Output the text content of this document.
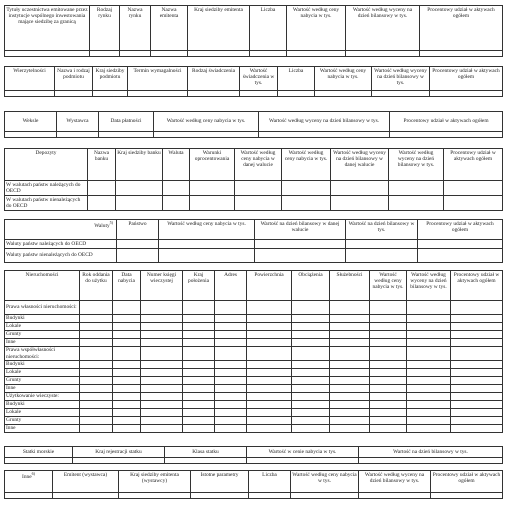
Tytuły uczestnictwa emitowane przez instytucje wspólnego inwestowania mające siedzibę za granicą	Rodzaj rynku	Nazwa rynku	Nazwa emitenta	Kraj siedziby emitenta	Liczba	Wartość według ceny nabycia w tys.	Wartość według wyceny na dzień bilansowy w tys.	Procentowy udział w aktywach ogółem

Wierzytelności	Nazwa i rodzaj podmiotu	Kraj siedziby podmiotu	Termin wymagalności	Rodzaj świadczenia	Wartość świadczenia w tys.	Liczba	Wartość według ceny nabycia w tys.	Wartość według wyceny na dzień bilansowy w tys.	Procentowy udział w aktywach ogółem

Weksle	Wystawca	Data płatności	Wartość według ceny nabycia w tys.	Wartość według wyceny na dzień bilansowy w tys.	Procentowy udział w aktywach ogółem

Depozyty	Nazwa banku	Kraj siedziby banku	Waluta	Warunki oprocentowania	Wartość według ceny nabycia w danej walucie	Wartość według ceny nabycia w tys.	Wartość według wyceny na dzień bilansowy w danej walucie	Wartość według wyceny na dzień bilansowy w tys.	Procentowy udział w aktywach ogółem
W walutach państw należących do OECD									
W walutach państw nienależących do OECD									
Waluty$^{5)}$	Państwo	Wartość według ceny nabycia w tys.	Wartość na dzień bilansowy w danej walucie	Wartość na dzień bilansowy w tys.	Procentowy udział w aktywach ogółem
Waluty państw należących do OECD					
Waluty państw nienależących do OECD					
Nieruchomości	Rok oddania do użytku	Data nabycia	Numer księgi wieczystej	Kraj położenia	Adres	Powierzchnia	Obciążenia	Służebności	Wartość według ceny nabycia w tys.	Wartość według wyceny na dzień bilansowy w tys.	Procentowy udział w aktywach ogółem
Prawa własności nieruchomości:											
Budynki											
Lokale											
Grunty											
Inne											
Prawa współwłasności nieruchomości:											
Budynki											
Lokale											
Grunty											
Inne											
Użytkowanie wieczyste:											
Budynki											
Lokale											
Grunty											
Inne											
Statki morskie	Kraj rejestracji statku	Klasa statku	Wartość w cenie nabycia w tys.	Wartość na dzień bilansowy w tys.

Inne$^{6)}$	Emitent (wystawca)	Kraj siedziby emitenta (wystawcy)	Istotne parametry	Liczba	Wartość według ceny nabycia w tys.	Wartość według wyceny na dzień bilansowy w tys.	Procentowy udział w aktywach ogółem
